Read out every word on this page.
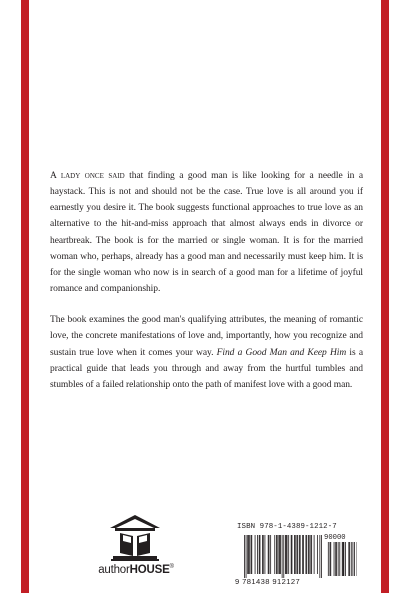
A lady once said that finding a good man is like looking for a needle in a haystack. This is not and should not be the case. True love is all around you if earnestly you desire it. The book suggests functional approaches to true love as an alternative to the hit-and-miss approach that almost always ends in divorce or heartbreak. The book is for the married or single woman. It is for the married woman who, perhaps, already has a good man and necessarily must keep him. It is for the single woman who now is in search of a good man for a lifetime of joyful romance and companionship.

The book examines the good man's qualifying attributes, the meaning of romantic love, the concrete manifestations of love and, importantly, how you recognize and sustain true love when it comes your way. Find a Good Man and Keep Him is a practical guide that leads you through and away from the hurtful tumbles and stumbles of a failed relationship onto the path of manifest love with a good man.

authorHOUSE®
ISBN 978-1-4389-1212-7
90000
9 781438 912127
